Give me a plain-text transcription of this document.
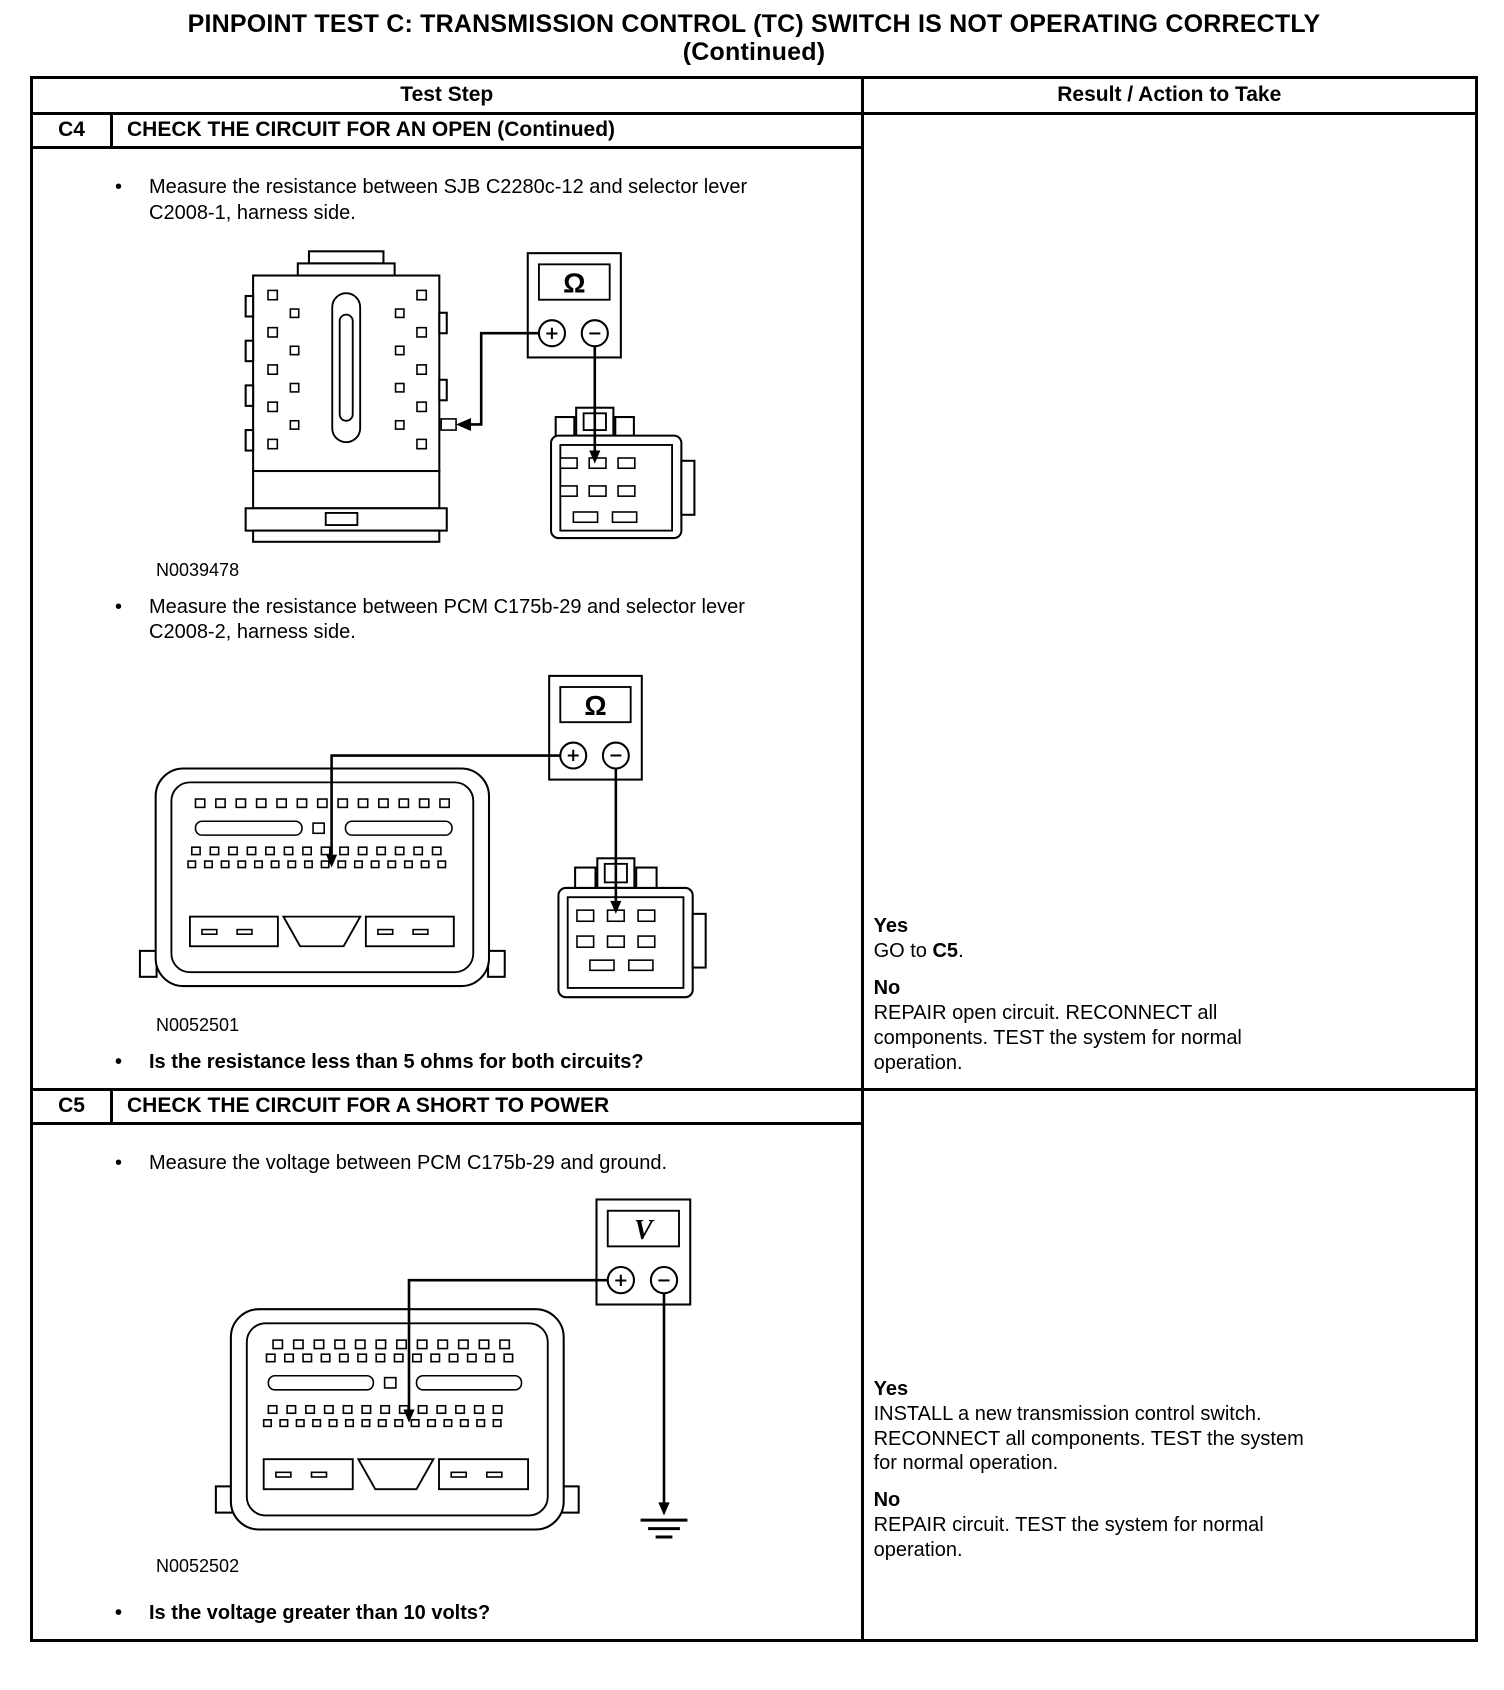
PINPOINT TEST C: TRANSMISSION CONTROL (TC) SWITCH IS NOT OPERATING CORRECTLY
(Continued)
Test Step	Result / Action to Take
C4	CHECK THE CIRCUIT FOR AN OPEN (Continued)
•
Measure the resistance between SJB C2280c-12 and selector lever C2008-1, harness side.
Ω
+ −
N0039478
•
Measure the resistance between PCM C175b-29 and selector lever C2008-2, harness side.
Ω
+ −
N0052501
•
Is the resistance less than 5 ohms for both circuits?
Yes
GO to C5.
No
REPAIR open circuit. RECONNECT all components. TEST the system for normal operation.
C5	CHECK THE CIRCUIT FOR A SHORT TO POWER
•
Measure the voltage between PCM C175b-29 and ground.
V
+ −
N0052502
•
Is the voltage greater than 10 volts?
Yes
INSTALL a new transmission control switch. RECONNECT all components. TEST the system for normal operation.
No
REPAIR circuit. TEST the system for normal operation.
